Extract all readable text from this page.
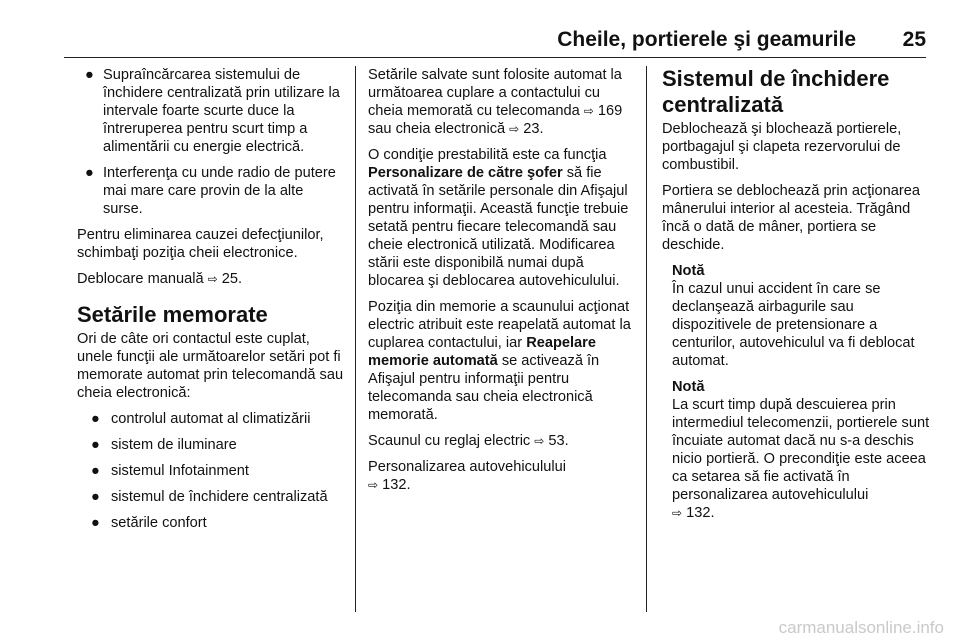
Cheile, portierele şi geamurile 25
● Supraîncărcarea sistemului de închidere centralizată prin utilizare la intervale foarte scurte duce la întreruperea pentru scurt timp a alimentării cu energie electrică.
● Interferenţa cu unde radio de putere mai mare care provin de la alte surse.

Pentru eliminarea cauzei defecţiunilor, schimbaţi poziţia cheii electronice.

Deblocare manuală ⇨ 25.

Setările memorate

Ori de câte ori contactul este cuplat, unele funcţii ale următoarelor setări pot fi memorate automat prin telecomandă sau cheia electronică:

● controlul automat al climatizării
● sistem de iluminare
● sistemul Infotainment
● sistemul de închidere centralizată
● setările confort

Setările salvate sunt folosite automat la următoarea cuplare a contactului cu cheia memorată cu telecomanda ⇨ 169 sau cheia electronică ⇨ 23.

O condiţie prestabilită este ca funcţia Personalizare de către şofer să fie activată în setările personale din Afişajul pentru informaţii. Această funcţie trebuie setată pentru fiecare telecomandă sau cheie electronică utilizată. Modificarea stării este disponibilă numai după blocarea şi deblocarea autovehiculului.

Poziţia din memorie a scaunului acţionat electric atribuit este reapelată automat la cuplarea contactului, iar Reapelare memorie automată se activează în Afişajul pentru informaţii pentru telecomanda sau cheia electronică memorată.

Scaunul cu reglaj electric ⇨ 53.

Personalizarea autovehiculului
⇨ 132.

Sistemul de închidere centralizată

Deblochează şi blochează portierele, portbagajul şi clapeta rezervorului de combustibil.

Portiera se deblochează prin acţionarea mânerului interior al acesteia. Trăgând încă o dată de mâner, portiera se deschide.

Notă
În cazul unui accident în care se declanşează airbagurile sau dispozitivele de pretensionare a centurilor, autovehiculul va fi deblocat automat.
Notă
La scurt timp după descuierea prin intermediul telecomenzii, portierele sunt încuiate automat dacă nu s-a deschis nicio portieră. O precondiţie este aceea ca setarea să fie activată în personalizarea autovehiculului
⇨ 132.
carmanualsonline.info
